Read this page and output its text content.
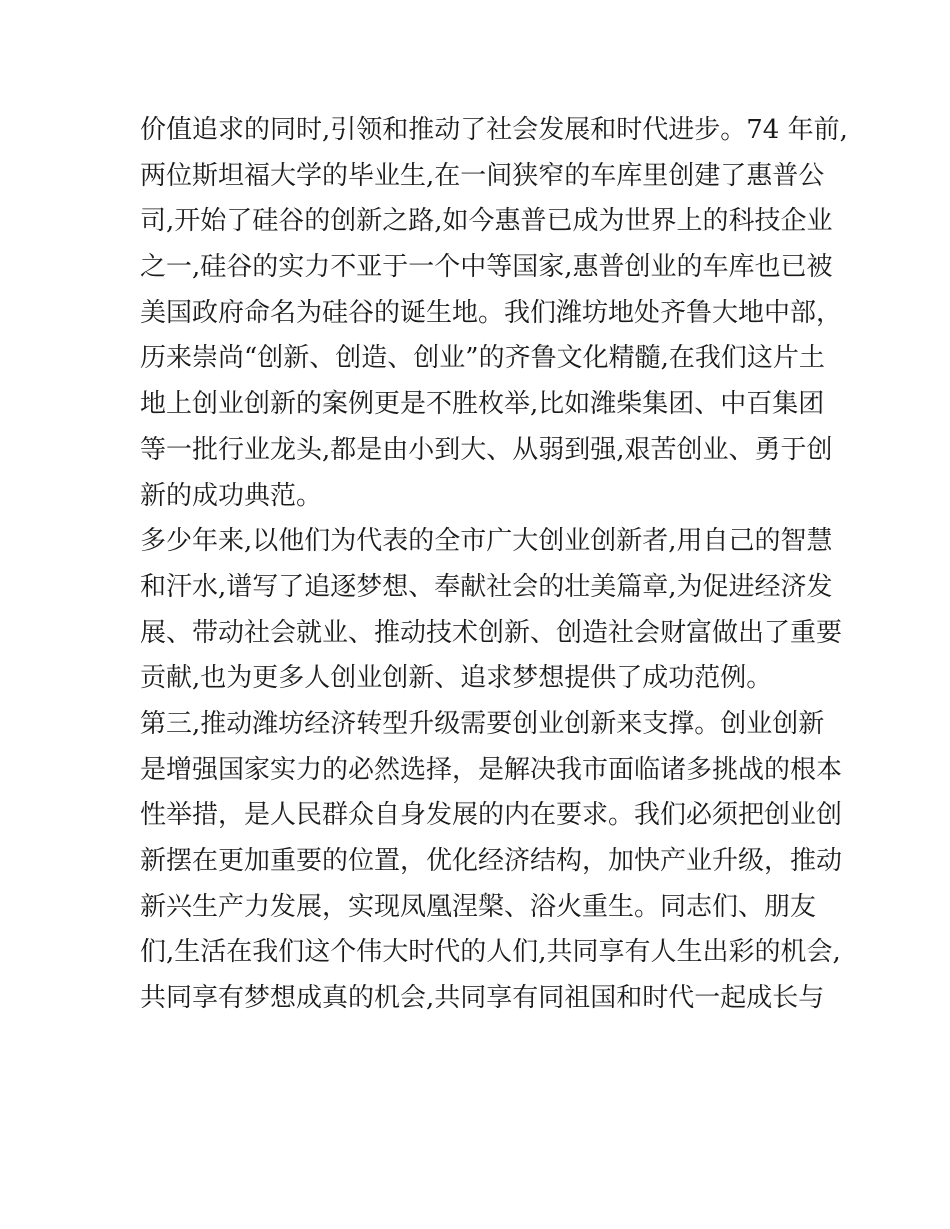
价值追求的同时,引领和推动了社会发展和时代进步。74 年前,
两位斯坦福大学的毕业生,在一间狭窄的车库里创建了惠普公
司,开始了硅谷的创新之路,如今惠普已成为世界上的科技企业
之一,硅谷的实力不亚于一个中等国家,惠普创业的车库也已被
美国政府命名为硅谷的诞生地。我们潍坊地处齐鲁大地中部，
历来崇尚“创新、创造、创业”的齐鲁文化精髓,在我们这片土
地上创业创新的案例更是不胜枚举,比如潍柴集团、中百集团
等一批行业龙头,都是由小到大、从弱到强,艰苦创业、勇于创
新的成功典范。
多少年来,以他们为代表的全市广大创业创新者,用自己的智慧
和汗水,谱写了追逐梦想、奉献社会的壮美篇章,为促进经济发
展、带动社会就业、推动技术创新、创造社会财富做出了重要
贡献,也为更多人创业创新、追求梦想提供了成功范例。
第三,推动潍坊经济转型升级需要创业创新来支撑。创业创新
是增强国家实力的必然选择，是解决我市面临诸多挑战的根本
性举措，是人民群众自身发展的内在要求。我们必须把创业创
新摆在更加重要的位置，优化经济结构，加快产业升级，推动
新兴生产力发展，实现凤凰涅槃、浴火重生。同志们、朋友
们,生活在我们这个伟大时代的人们,共同享有人生出彩的机会,
共同享有梦想成真的机会,共同享有同祖国和时代一起成长与
